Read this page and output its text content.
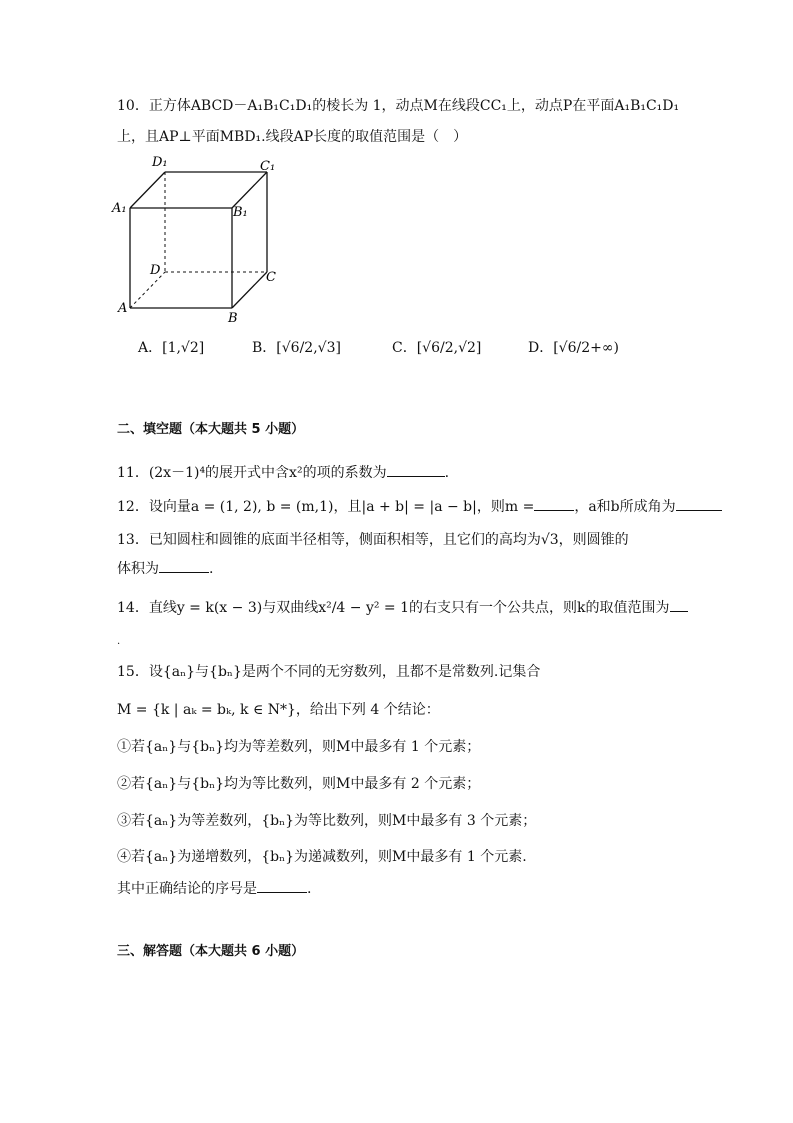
10．正方体ABCD－A₁B₁C₁D₁的棱长为 1，动点M在线段CC₁上，动点P在平面A₁B₁C₁D₁
上，且AP⊥平面MBD₁.线段AP长度的取值范围是（　）
D₁	C₁
A₁	B₁
D	C
A
B
A．[1,√2]	B．[√6/2,√3]	C．[√6/2,√2]	D．[√6/2+∞)
二、填空题（本大题共 5 小题）
11．(2x－1)⁴的展开式中含x²的项的系数为	.
12．设向量a = (1, 2), b = (m,1)，且|a + b| = |a − b|，则m =	，a和b所成角为
13．已知圆柱和圆锥的底面半径相等，侧面积相等，且它们的高均为√3，则圆锥的
体积为	.
14．直线y = k(x − 3)与双曲线x²/4 − y² = 1的右支只有一个公共点，则k的取值范围为
.
15．设{aₙ}与{bₙ}是两个不同的无穷数列，且都不是常数列.记集合
M = {k | aₖ = bₖ, k ∈ N*}，给出下列 4 个结论：
①若{aₙ}与{bₙ}均为等差数列，则M中最多有 1 个元素；
②若{aₙ}与{bₙ}均为等比数列，则M中最多有 2 个元素；
③若{aₙ}为等差数列，{bₙ}为等比数列，则M中最多有 3 个元素；
④若{aₙ}为递增数列，{bₙ}为递减数列，则M中最多有 1 个元素.
其中正确结论的序号是	.
三、解答题（本大题共 6 小题）
